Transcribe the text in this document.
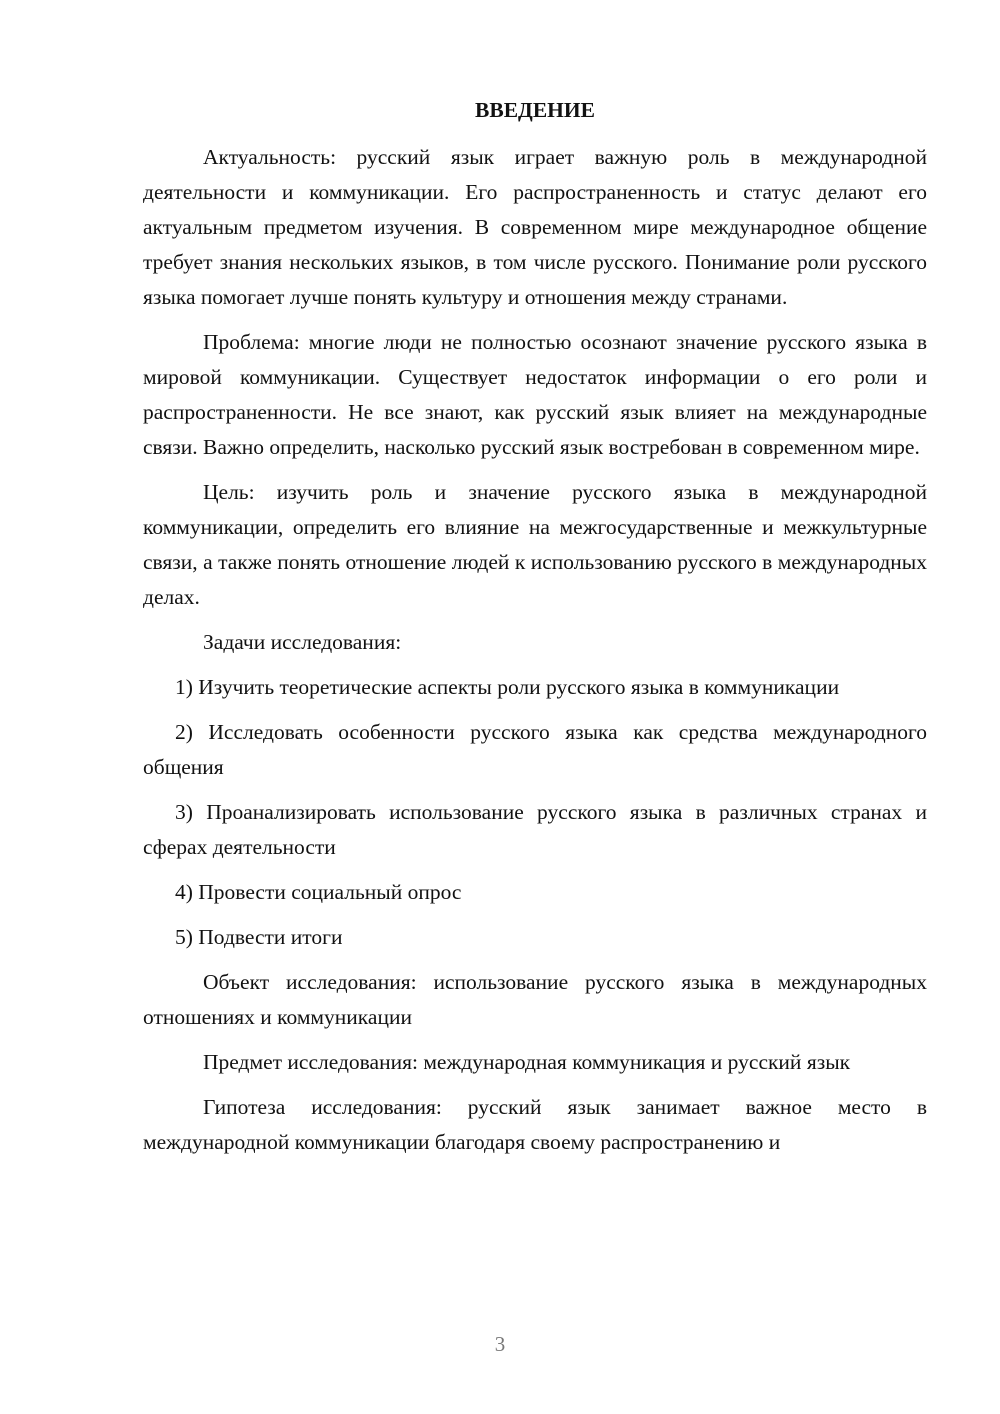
ВВЕДЕНИЕ

Актуальность: русский язык играет важную роль в международной деятельности и коммуникации. Его распространенность и статус делают его актуальным предметом изучения. В современном мире международное общение требует знания нескольких языков, в том числе русского. Понимание роли русского языка помогает лучше понять культуру и отношения между странами.

Проблема: многие люди не полностью осознают значение русского языка в мировой коммуникации. Существует недостаток информации о его роли и распространенности. Не все знают, как русский язык влияет на международные связи. Важно определить, насколько русский язык востребован в современном мире.

Цель: изучить роль и значение русского языка в международной коммуникации, определить его влияние на межгосударственные и межкультурные связи, а также понять отношение людей к использованию русского в международных делах.

Задачи исследования:

1) Изучить теоретические аспекты роли русского языка в коммуникации

2) Исследовать особенности русского языка как средства международного общения

3) Проанализировать использование русского языка в различных странах и сферах деятельности

4) Провести социальный опрос

5) Подвести итоги

Объект исследования: использование русского языка в международных отношениях и коммуникации

Предмет исследования: международная коммуникация и русский язык

Гипотеза исследования: русский язык занимает важное место в международной коммуникации благодаря своему распространению и

3
